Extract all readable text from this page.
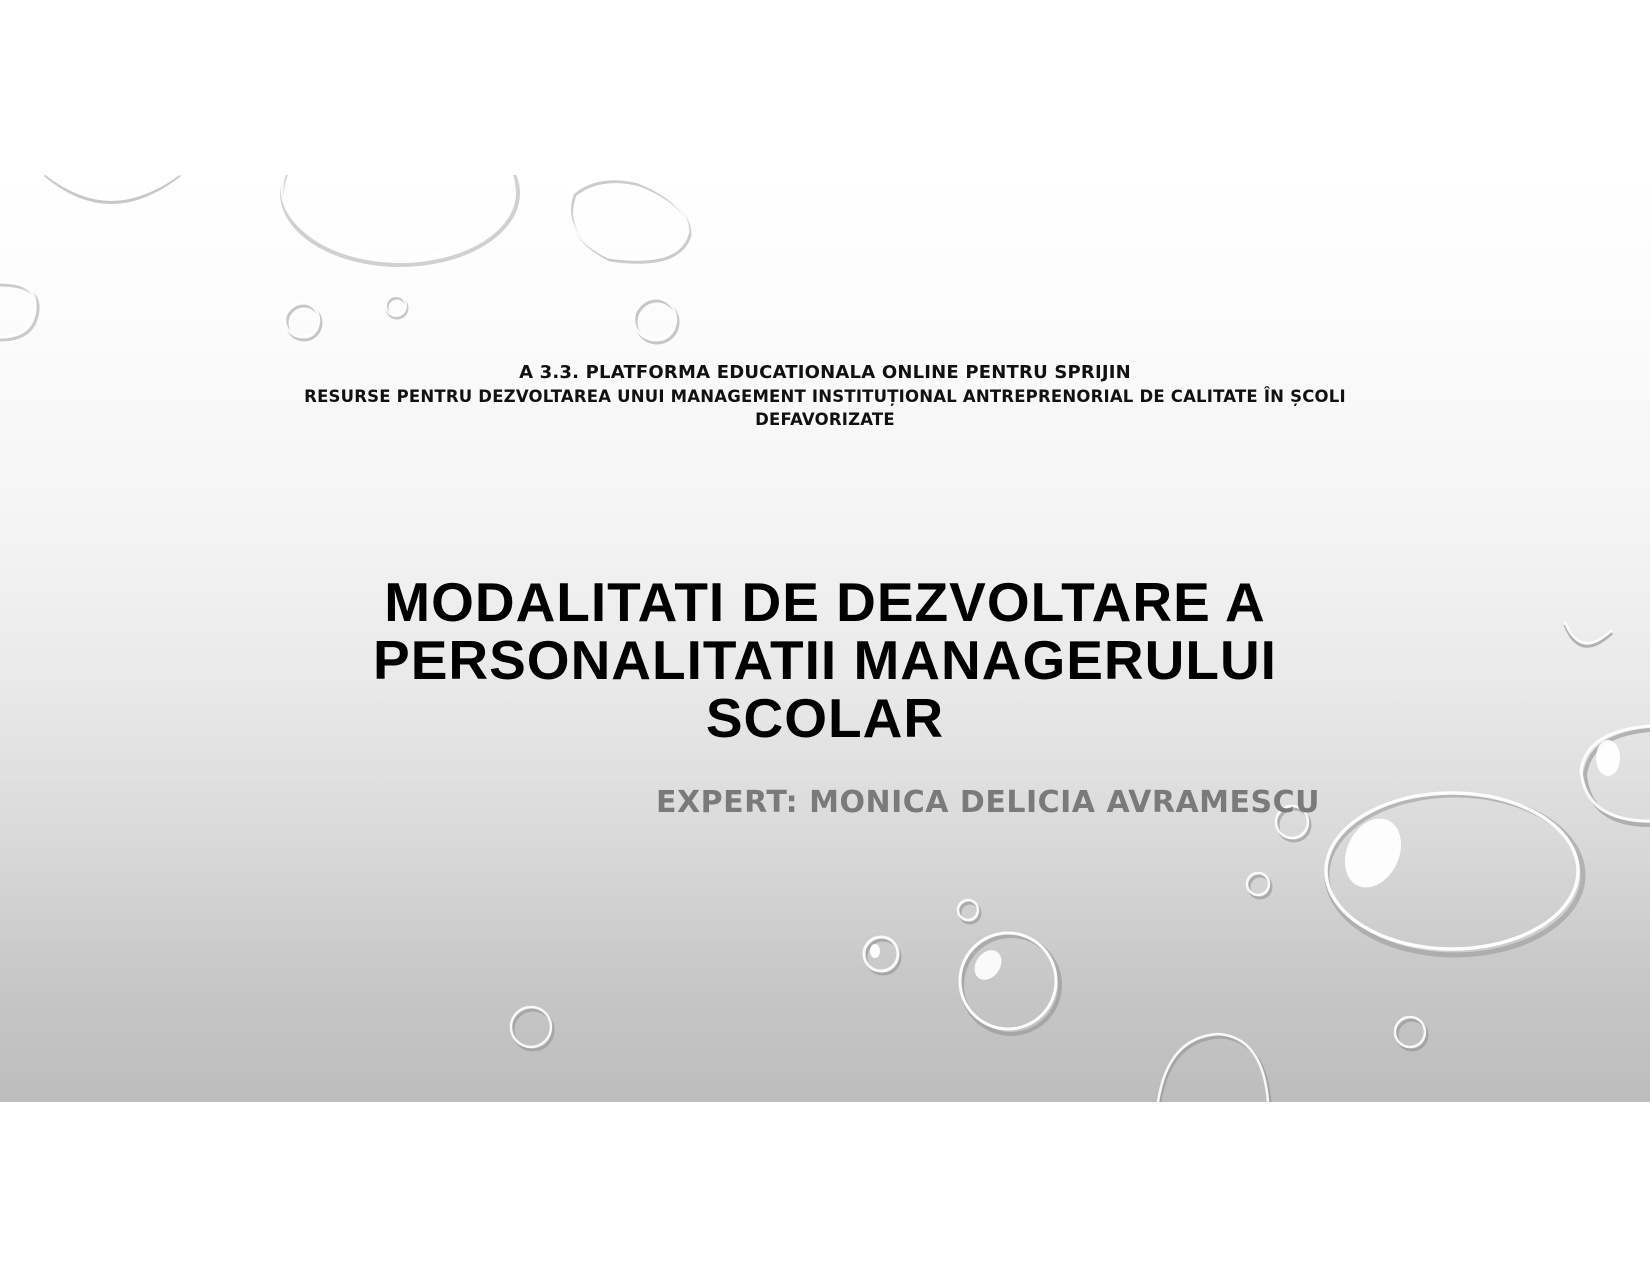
A 3.3. PLATFORMA EDUCATIONALA ONLINE PENTRU SPRIJIN
RESURSE PENTRU DEZVOLTAREA UNUI MANAGEMENT INSTITUȚIONAL ANTREPRENORIAL DE CALITATE ÎN ȘCOLI
DEFAVORIZATE
MODALITATI DE DEZVOLTARE A
PERSONALITATII MANAGERULUI
SCOLAR
EXPERT: MONICA DELICIA AVRAMESCU
